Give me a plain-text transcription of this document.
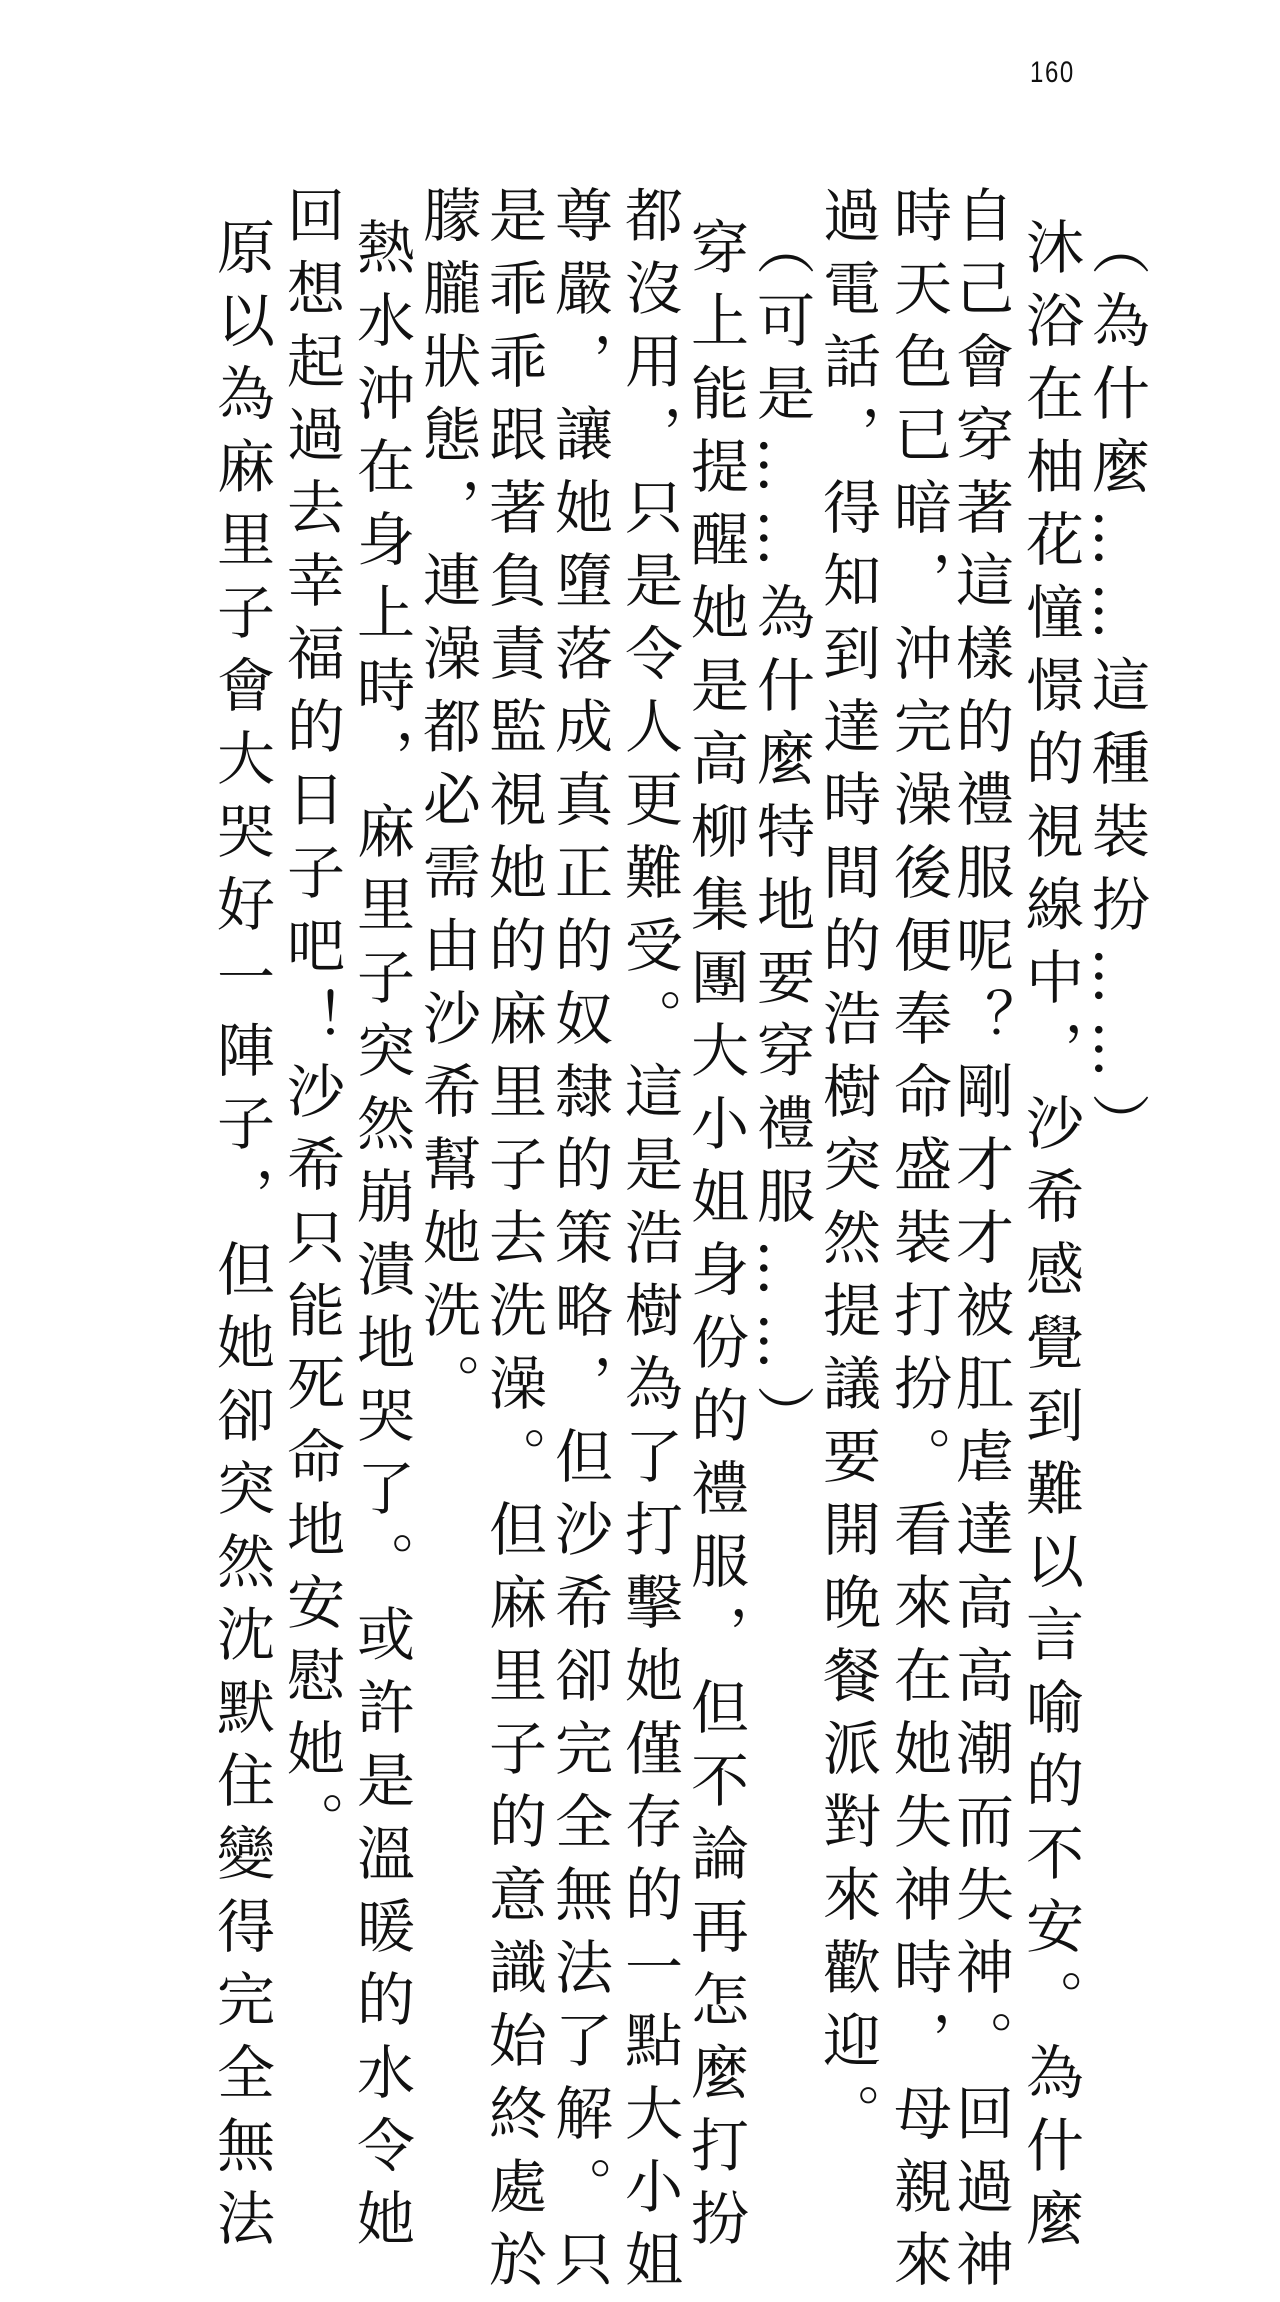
160
（為什麼……這種裝扮……）
沐浴在柚花憧憬的視線中，沙希感覺到難以言喻的不安。為什麼
自己會穿著這樣的禮服呢？剛才才被肛虐達高高潮而失神。回過神
時天色已暗，沖完澡後便奉命盛裝打扮。看來在她失神時，母親來
過電話，得知到達時間的浩樹突然提議要開晚餐派對來歡迎。
（可是……為什麼特地要穿禮服……）
穿上能提醒她是高柳集團大小姐身份的禮服，但不論再怎麼打扮
都沒用，只是令人更難受。這是浩樹為了打擊她僅存的一點大小姐
尊嚴，讓她墮落成真正的奴隸的策略，但沙希卻完全無法了解。只
是乖乖跟著負責監視她的麻里子去洗澡。但麻里子的意識始終處於
朦朧狀態，連澡都必需由沙希幫她洗。
熱水沖在身上時，麻里子突然崩潰地哭了。或許是溫暖的水令她
回想起過去幸福的日子吧！沙希只能死命地安慰她。
原以為麻里子會大哭好一陣子，但她卻突然沈默住變得完全無法
